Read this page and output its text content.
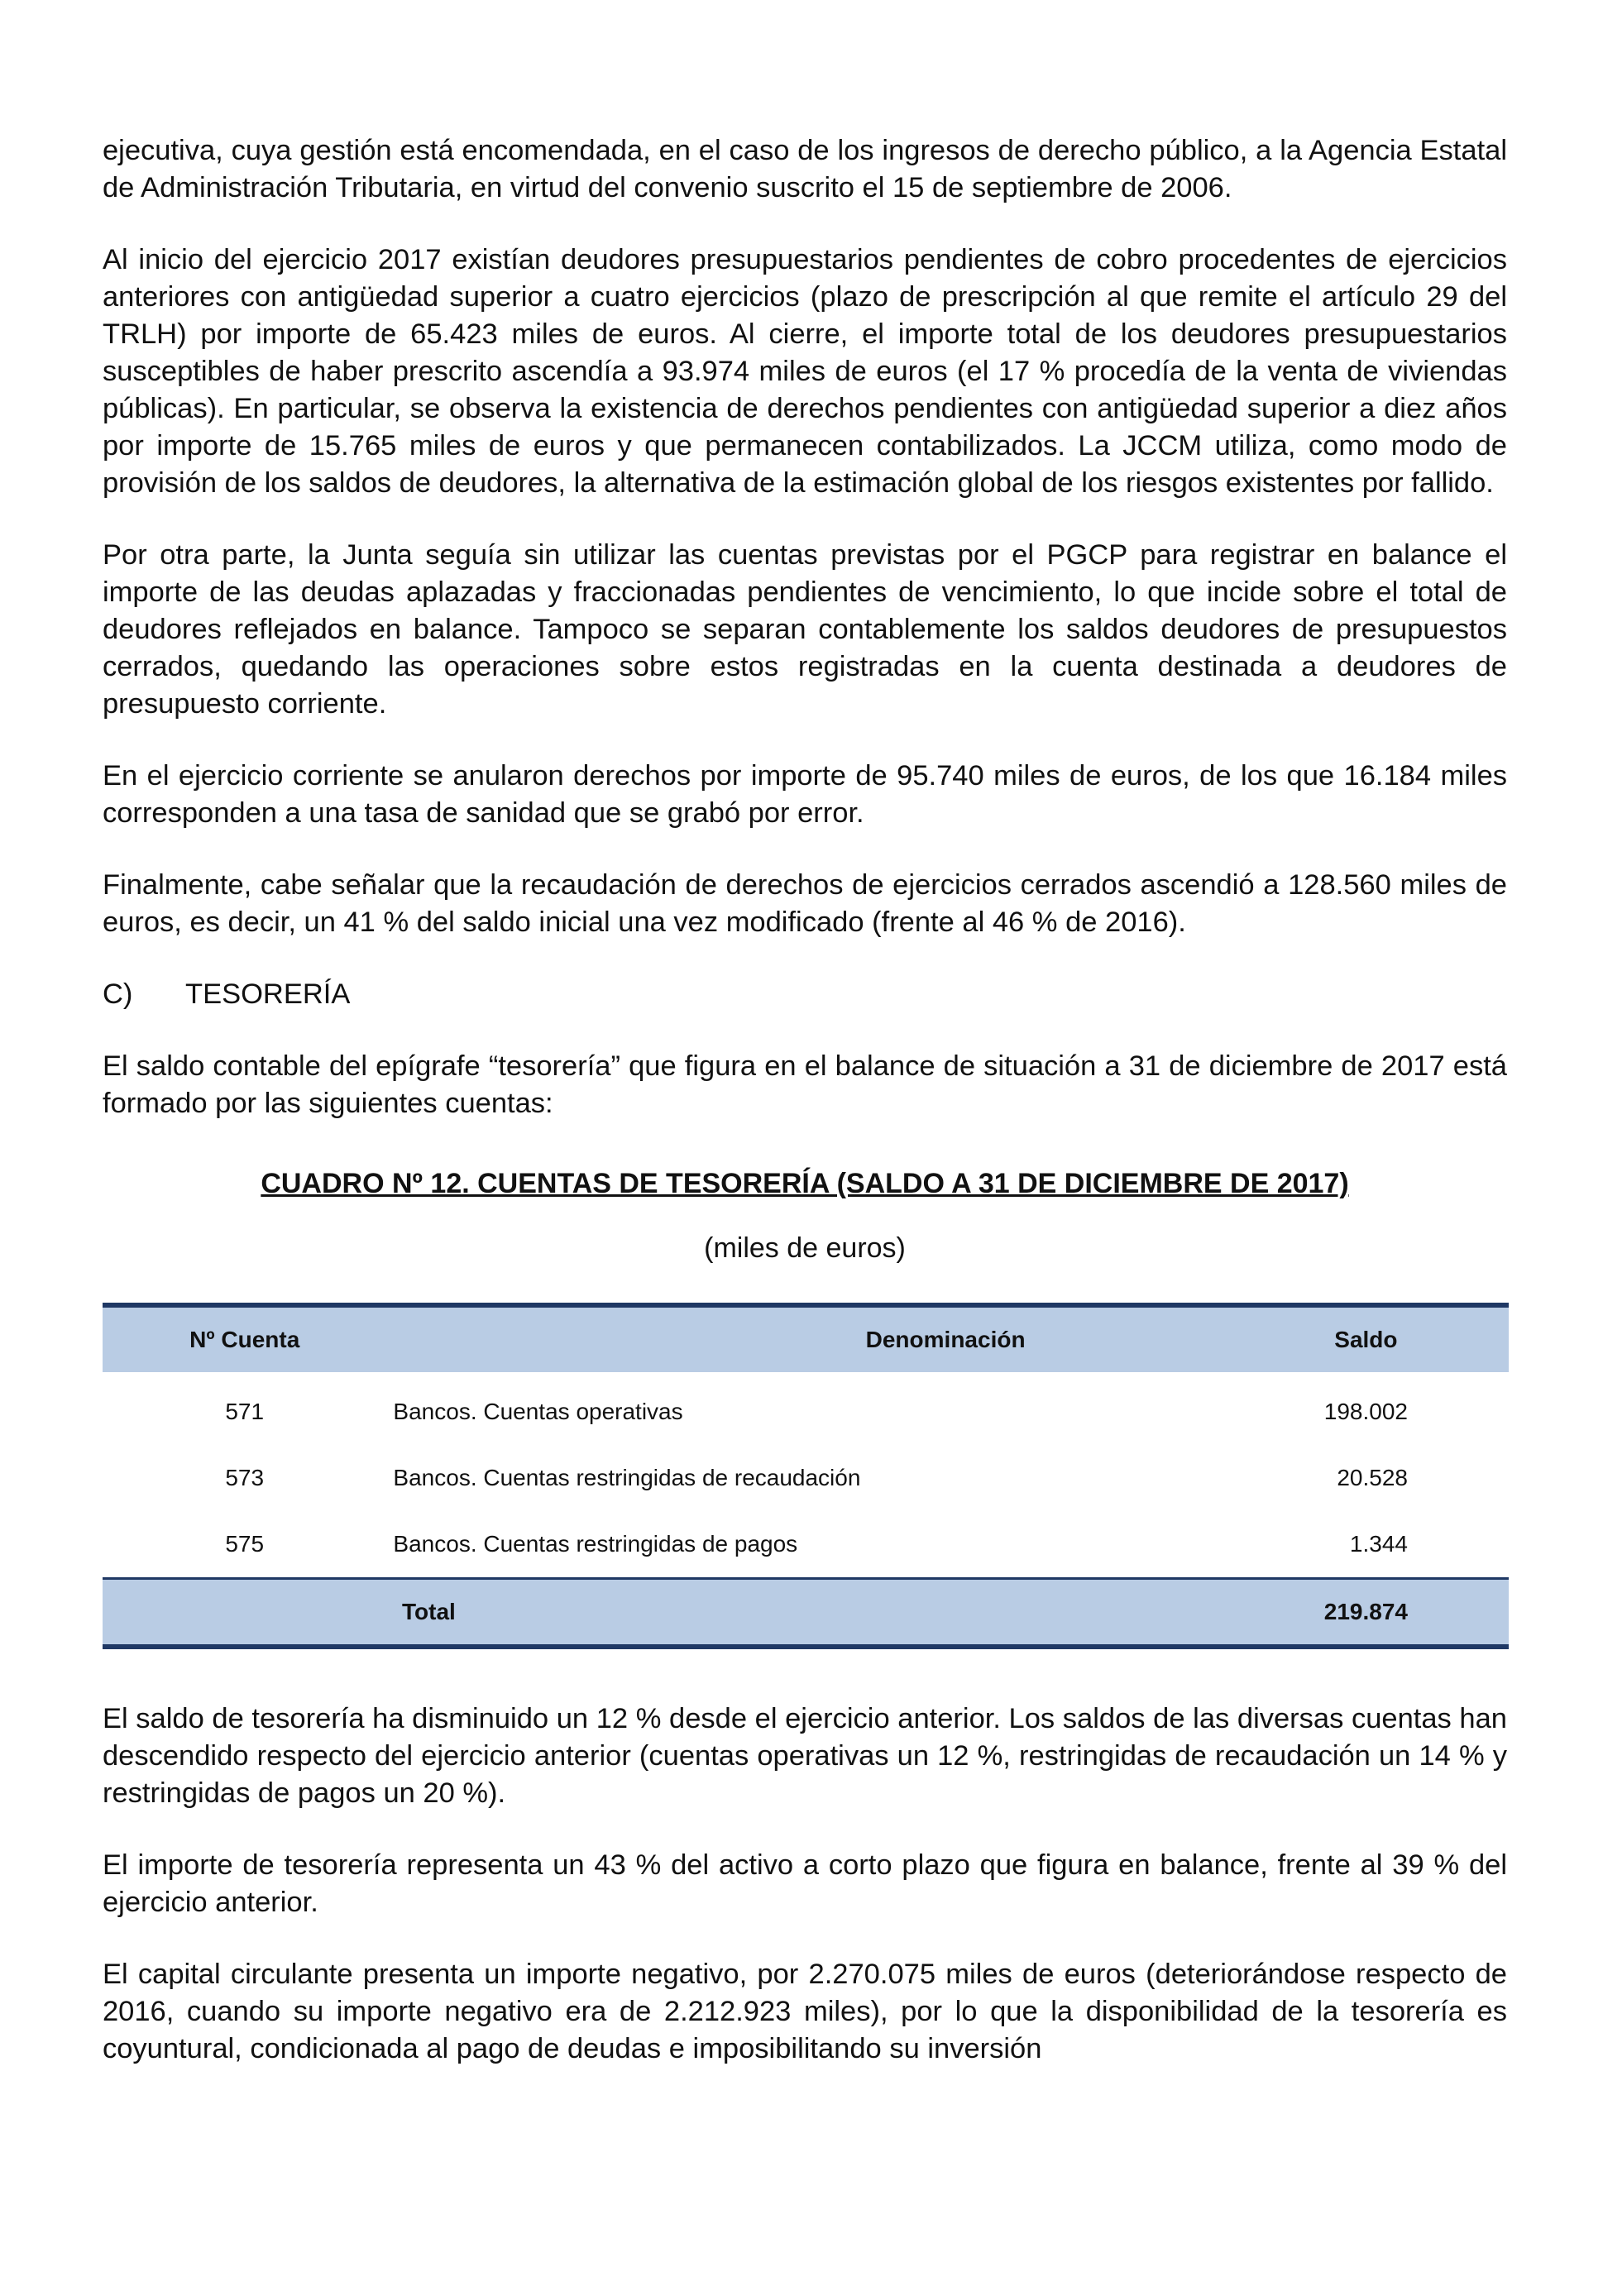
ejecutiva, cuya gestión está encomendada, en el caso de los ingresos de derecho público, a la Agencia Estatal de Administración Tributaria, en virtud del convenio suscrito el 15 de septiembre de 2006.

Al inicio del ejercicio 2017 existían deudores presupuestarios pendientes de cobro procedentes de ejercicios anteriores con antigüedad superior a cuatro ejercicios (plazo de prescripción al que remite el artículo 29 del TRLH) por importe de 65.423 miles de euros. Al cierre, el importe total de los deudores presupuestarios susceptibles de haber prescrito ascendía a 93.974 miles de euros (el 17 % procedía de la venta de viviendas públicas). En particular, se observa la existencia de derechos pendientes con antigüedad superior a diez años por importe de 15.765 miles de euros y que permanecen contabilizados. La JCCM utiliza, como modo de provisión de los saldos de deudores, la alternativa de la estimación global de los riesgos existentes por fallido.

Por otra parte, la Junta seguía sin utilizar las cuentas previstas por el PGCP para registrar en balance el importe de las deudas aplazadas y fraccionadas pendientes de vencimiento, lo que incide sobre el total de deudores reflejados en balance. Tampoco se separan contablemente los saldos deudores de presupuestos cerrados, quedando las operaciones sobre estos registradas en la cuenta destinada a deudores de presupuesto corriente.

En el ejercicio corriente se anularon derechos por importe de 95.740 miles de euros, de los que 16.184 miles corresponden a una tasa de sanidad que se grabó por error.

Finalmente, cabe señalar que la recaudación de derechos de ejercicios cerrados ascendió a 128.560 miles de euros, es decir, un 41 % del saldo inicial una vez modificado (frente al 46 % de 2016).

C)	TESORERÍA

El saldo contable del epígrafe “tesorería” que figura en el balance de situación a 31 de diciembre de 2017 está formado por las siguientes cuentas:

CUADRO Nº 12. CUENTAS DE TESORERÍA (SALDO A 31 DE DICIEMBRE DE 2017)
(miles de euros)
Nº Cuenta	Denominación	Saldo
571	Bancos. Cuentas operativas	198.002
573	Bancos. Cuentas restringidas de recaudación	20.528
575	Bancos. Cuentas restringidas de pagos	1.344
Total		219.874

El saldo de tesorería ha disminuido un 12 % desde el ejercicio anterior. Los saldos de las diversas cuentas han descendido respecto del ejercicio anterior (cuentas operativas un 12 %, restringidas de recaudación un 14 % y restringidas de pagos un 20 %).

El importe de tesorería representa un 43 % del activo a corto plazo que figura en balance, frente al 39 % del ejercicio anterior.

El capital circulante presenta un importe negativo, por 2.270.075 miles de euros (deteriorándose respecto de 2016, cuando su importe negativo era de 2.212.923 miles), por lo que la disponibilidad de la tesorería es coyuntural, condicionada al pago de deudas e imposibilitando su inversión
